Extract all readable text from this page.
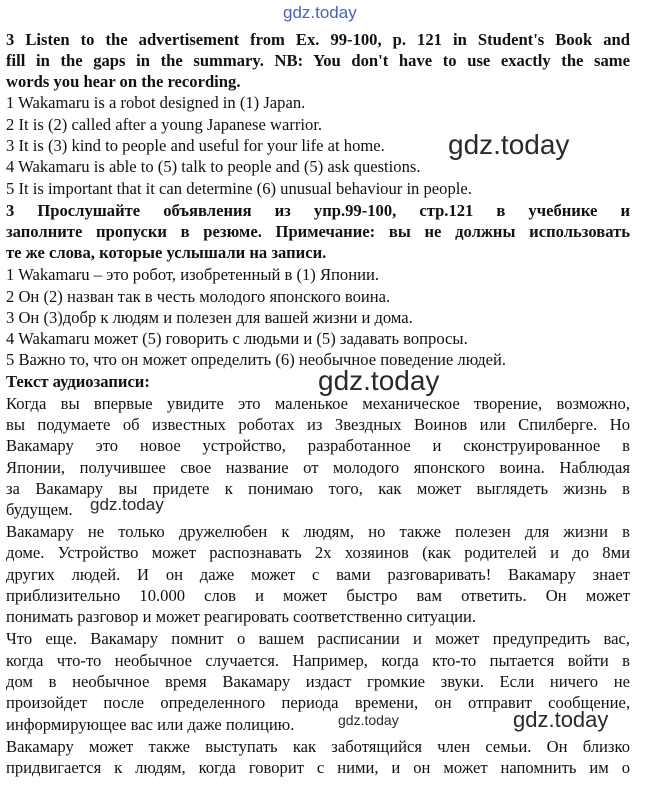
gdz.today
gdz.today
gdz.today
gdz.today
gdz.today	gdz.today
3 Listen to the advertisement from Ex. 99-100, p. 121 in Student's Book and
fill in the gaps in the summary. NB: You don't have to use exactly the same
words you hear on the recording.
1 Wakamaru is a robot designed in (1) Japan.
2 It is (2) called after a young Japanese warrior.
3 It is (3) kind to people and useful for your life at home.
4 Wakamaru is able to (5) talk to people and (5) ask questions.
5 It is important that it can determine (6) unusual behaviour in people.
3 Прослушайте объявления из упр.99-100, стр.121 в учебнике и
заполните пропуски в резюме. Примечание: вы не должны использовать
те же слова, которые услышали на записи.
1 Wakamaru – это робот, изобретенный в (1) Японии.
2 Он (2) назван так в честь молодого японского воина.
3 Он (3)добр к людям и полезен для вашей жизни и дома.
4 Wakamaru может (5) говорить с людьми и (5) задавать вопросы.
5 Важно то, что он может определить (6) необычное поведение людей.
Текст аудиозаписи:
Когда вы впервые увидите это маленькое механическое творение, возможно,
вы подумаете об известных роботах из Звездных Воинов или Спилберге. Но
Вакамару это новое устройство, разработанное и сконструированное в
Японии, получившее свое название от молодого японского воина. Наблюдая
за Вакамару вы придете к понимаю того, как может выглядеть жизнь в
будущем.
Вакамару не только дружелюбен к людям, но также полезен для жизни в
доме. Устройство может распознавать 2х хозяинов (как родителей и до 8ми
других людей. И он даже может с вами разговаривать! Вакамару знает
приблизительно 10.000 слов и может быстро вам ответить. Он может
понимать разговор и может реагировать соответственно ситуации.
Что еще. Вакамару помнит о вашем расписании и может предупредить вас,
когда что-то необычное случается. Например, когда кто-то пытается войти в
дом в необычное время Вакамару издаст громкие звуки. Если ничего не
произойдет после определенного периода времени, он отправит сообщение,
информирующее вас или даже полицию.
Вакамару может также выступать как заботящийся член семьи. Он близко
придвигается к людям, когда говорит с ними, и он может напомнить им о
